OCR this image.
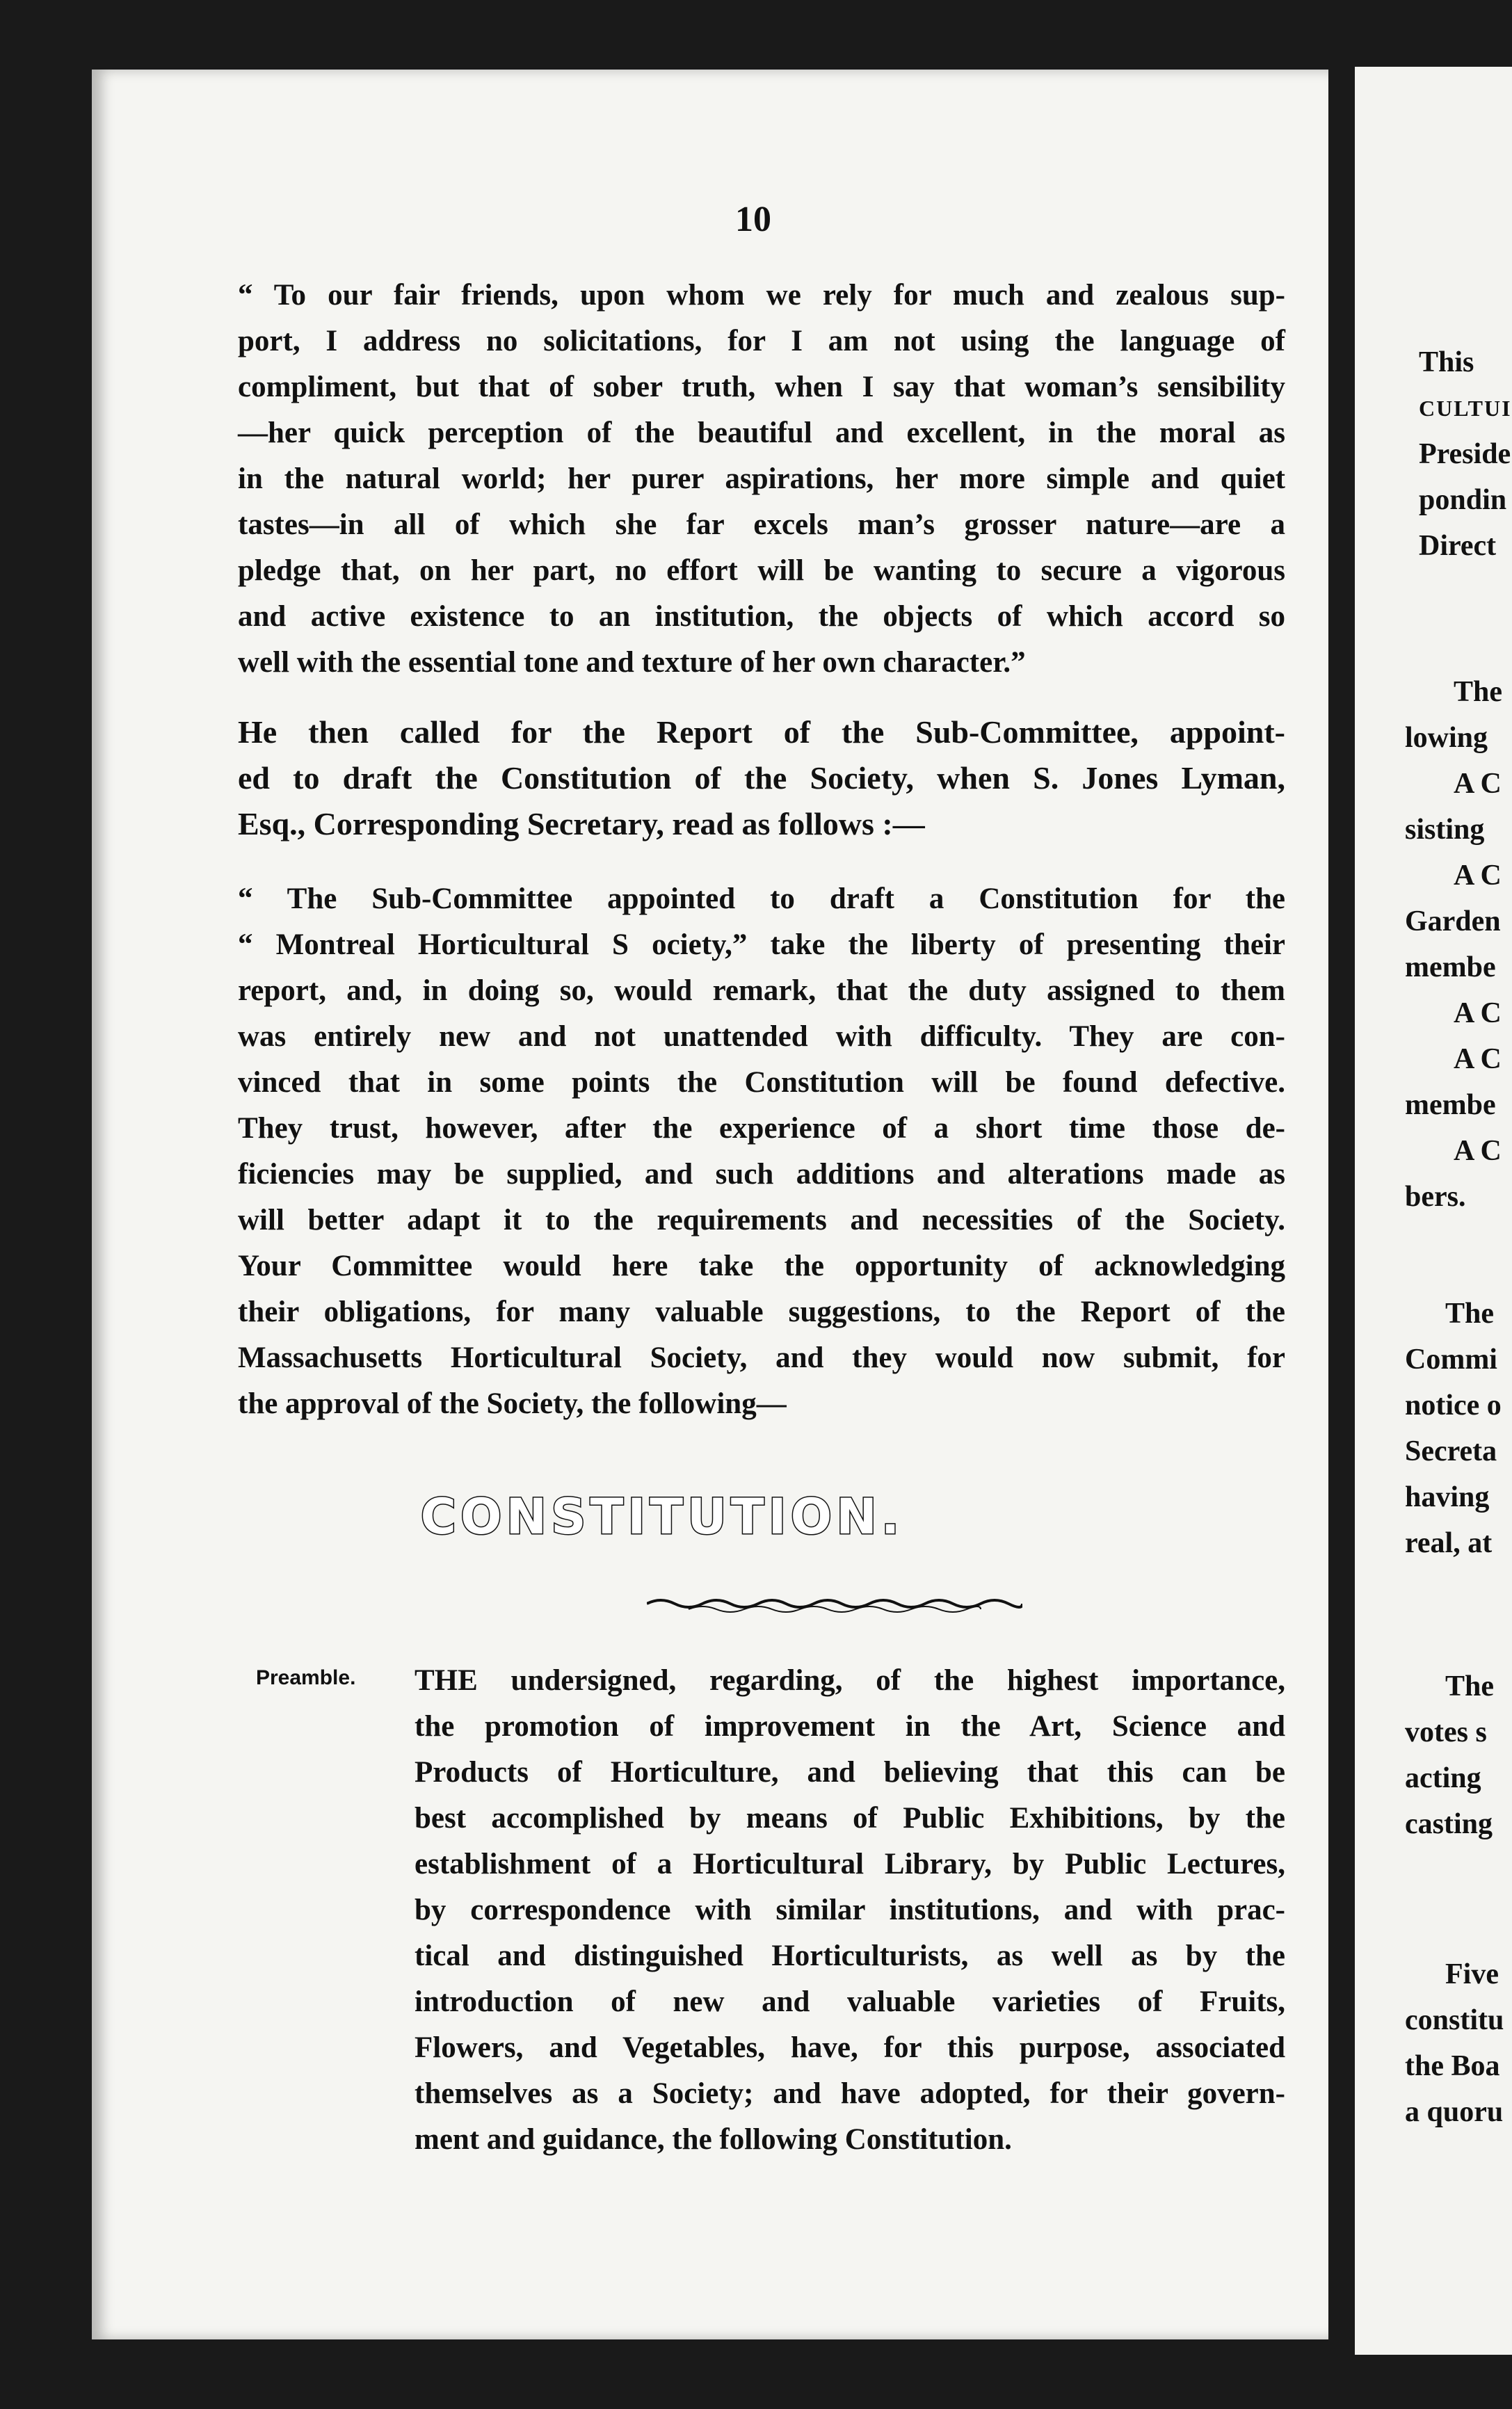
10
“ To our fair friends, upon whom we rely for much and zealous sup-
port, I address no solicitations, for I am not using the language of
compliment, but that of sober truth, when I say that woman’s sensibility
—her quick perception of the beautiful and excellent, in the moral as
in the natural world; her purer aspirations, her more simple and quiet
tastes—in all of which she far excels man’s grosser nature—are a
pledge that, on her part, no effort will be wanting to secure a vigorous
and active existence to an institution, the objects of which accord so
well with the essential tone and texture of her own character.”
He then called for the Report of the Sub-Committee, appoint-
ed to draft the Constitution of the Society, when S. Jones Lyman,
Esq., Corresponding Secretary, read as follows :—
“ The Sub-Committee appointed to draft a Constitution for the
“ Montreal Horticultural S ociety,” take the liberty of presenting their
report, and, in doing so, would remark, that the duty assigned to them
was entirely new and not unattended with difficulty. They are con-
vinced that in some points the Constitution will be found defective.
They trust, however, after the experience of a short time those de-
ficiencies may be supplied, and such additions and alterations made as
will better adapt it to the requirements and necessities of the Society.
Your Committee would here take the opportunity of acknowledging
their obligations, for many valuable suggestions, to the Report of the
Massachusetts Horticultural Society, and they would now submit, for
the approval of the Society, the following—
CONSTITUTION.
Preamble. THE undersigned, regarding, of the highest importance,
the promotion of improvement in the Art, Science and
Products of Horticulture, and believing that this can be
best accomplished by means of Public Exhibitions, by the
establishment of a Horticultural Library, by Public Lectures,
by correspondence with similar institutions, and with prac-
tical and distinguished Horticulturists, as well as by the
introduction of new and valuable varieties of Fruits,
Flowers, and Vegetables, have, for this purpose, associated
themselves as a Society; and have adopted, for their govern-
ment and guidance, the following Constitution.
This
CULTUI
Preside
pondin
Direct
The
lowing
A C
sisting
A C
Garden
membe
A C
A C
membe
A C
bers.
The
Commi
notice o
Secreta
having
real, at
The
votes s
acting
casting
Five
constitu
the Boa
a quoru
